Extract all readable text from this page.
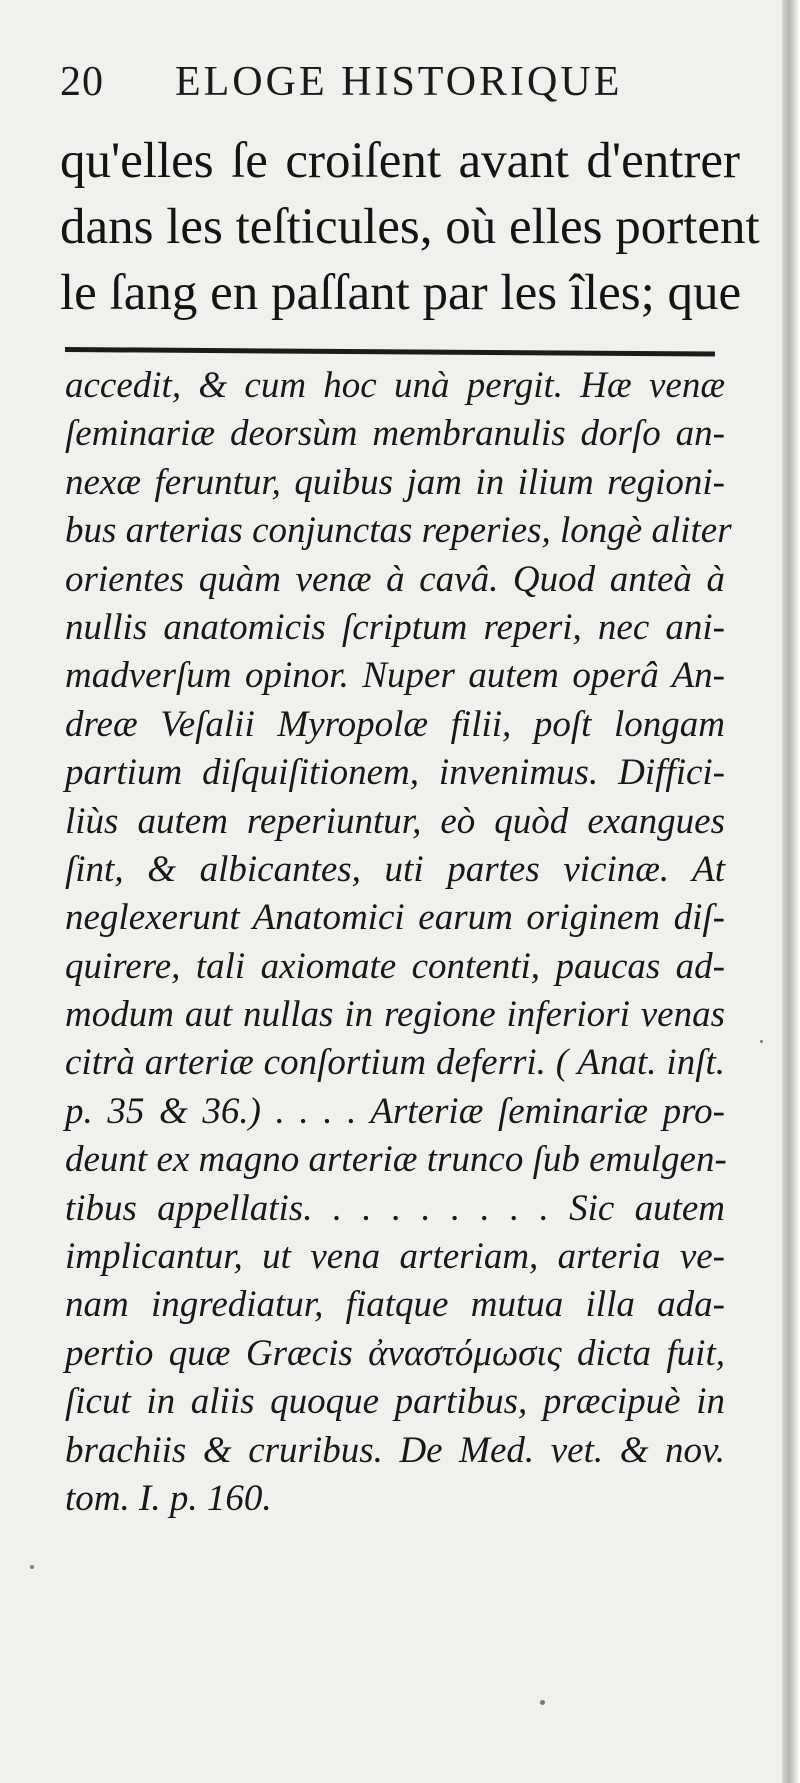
20 ELOGE HISTORIQUE
qu'elles ſe croiſent avant d'entrer
dans les teſticules, où elles portent
le ſang en paſſant par les îles; que
accedit, & cum hoc unà pergit. Hæ venæ
ſeminariæ deorsùm membranulis dorſo an-
nexæ feruntur, quibus jam in ilium regioni-
bus arterias conjunctas reperies, longè aliter
orientes quàm venæ à cavâ. Quod anteà à
nullis anatomicis ſcriptum reperi, nec ani-
madverſum opinor. Nuper autem operâ An-
dreæ Veſalii Myropolæ filii, poſt longam
partium diſquiſitionem, invenimus. Diffici-
liùs autem reperiuntur, eò quòd exangues
ſint, & albicantes, uti partes vicinæ. At
neglexerunt Anatomici earum originem diſ-
quirere, tali axiomate contenti, paucas ad-
modum aut nullas in regione inferiori venas
citrà arteriæ conſortium deferri. ( Anat. inſt.
p. 35 & 36.) . . . . Arteriæ ſeminariæ pro-
deunt ex magno arteriæ trunco ſub emulgen-
tibus appellatis. . . . . . . . . Sic autem
implicantur, ut vena arteriam, arteria ve-
nam ingrediatur, fiatque mutua illa ada-
pertio quæ Græcis ἀναστόμωσις dicta fuit,
ſicut in aliis quoque partibus, præcipuè in
brachiis & cruribus. De Med. vet. & nov.
tom. I. p. 160.
